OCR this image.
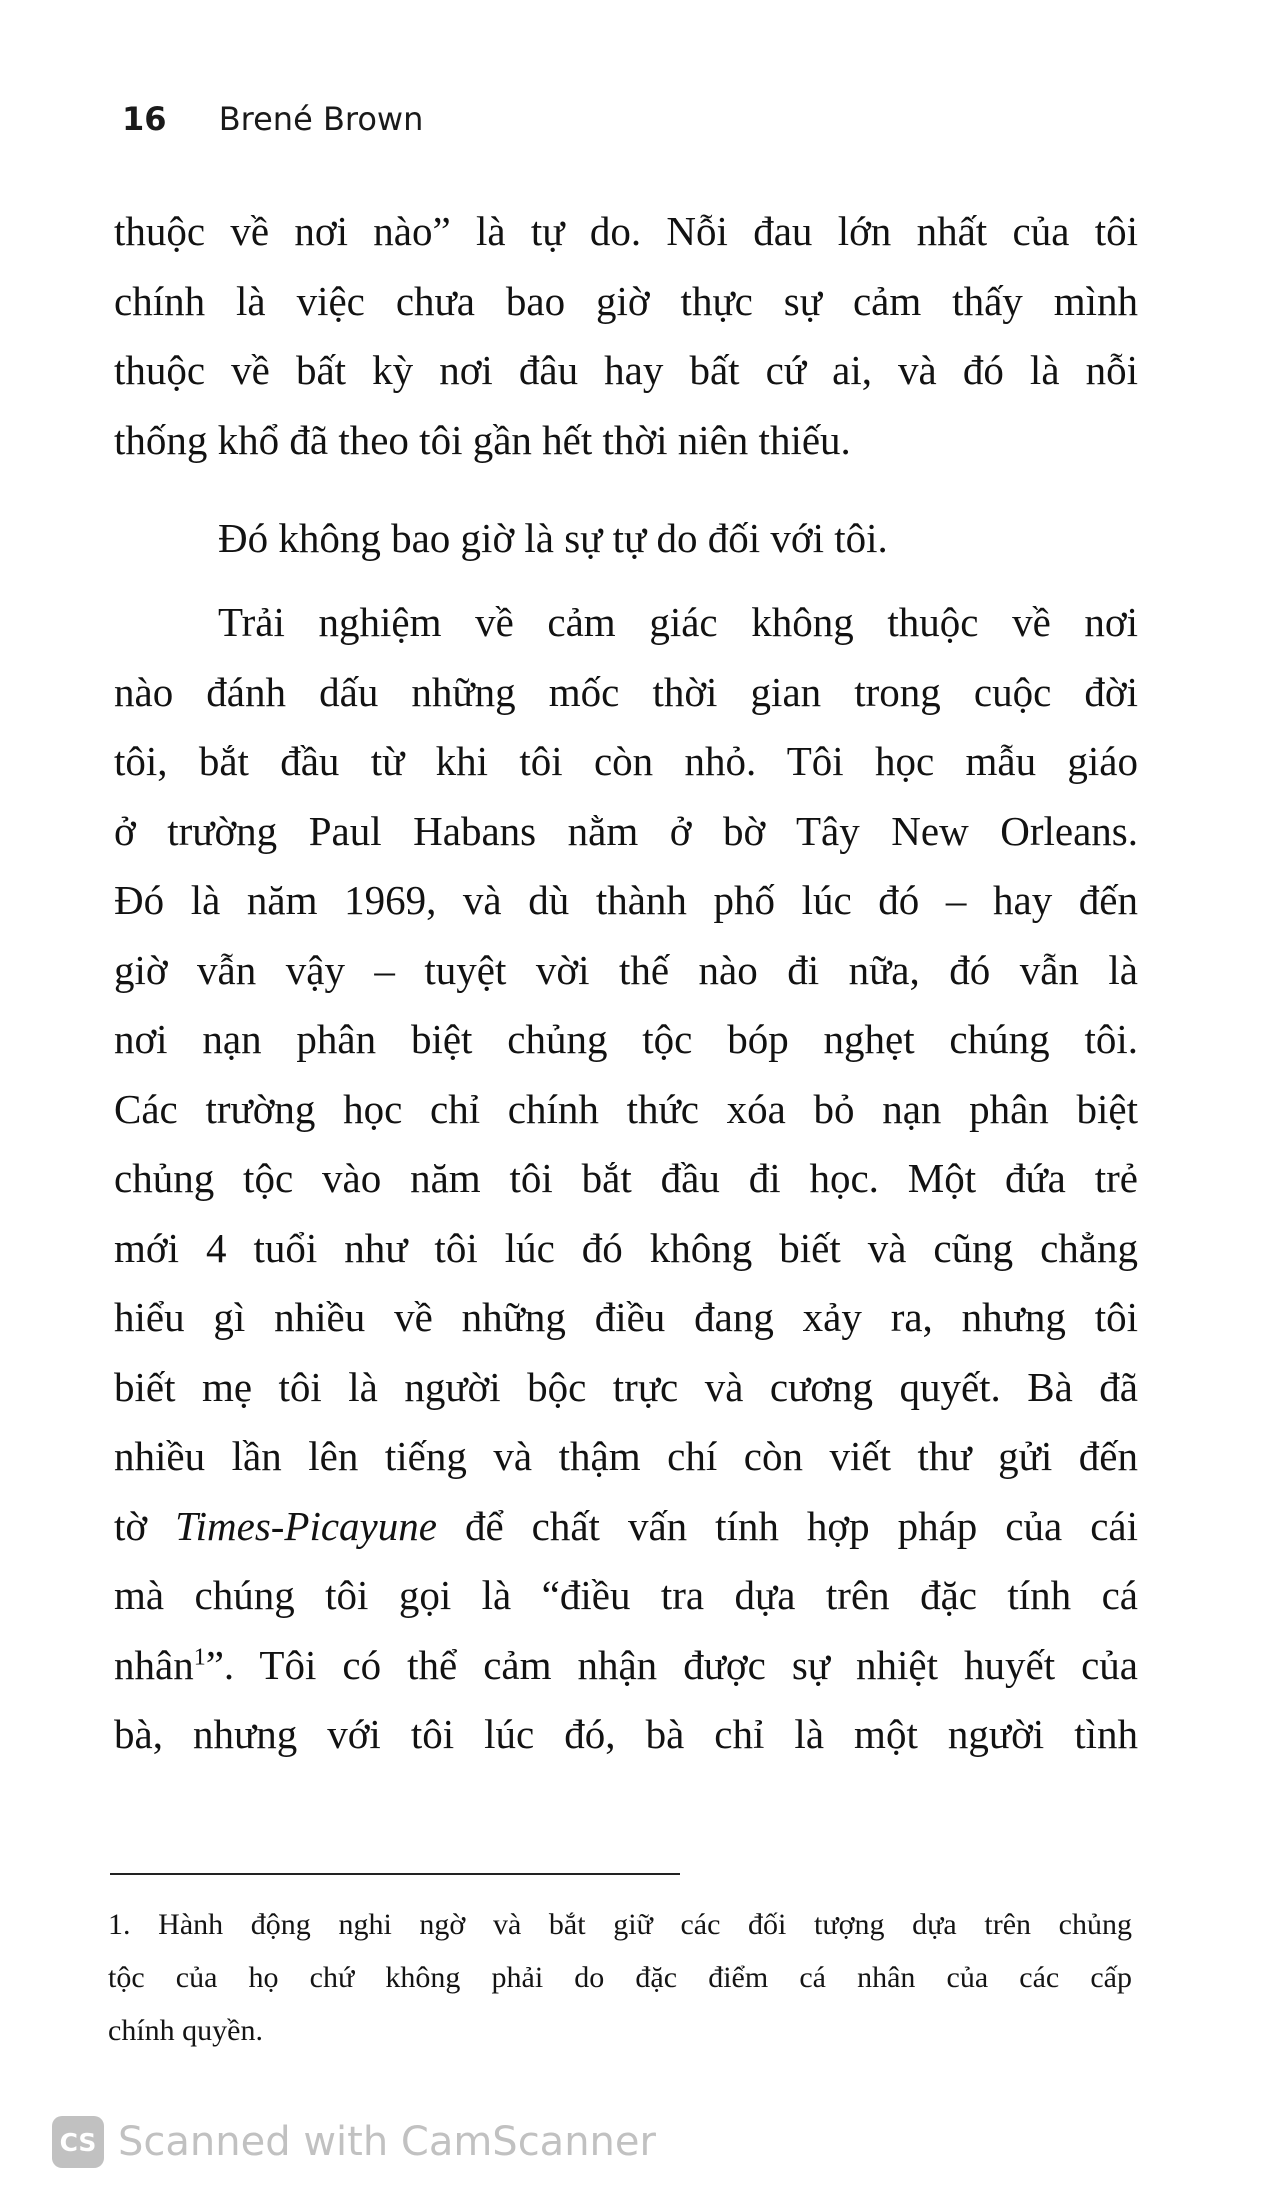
16 Brené Brown
thuộc về nơi nào” là tự do. Nỗi đau lớn nhất của tôi
chính là việc chưa bao giờ thực sự cảm thấy mình
thuộc về bất kỳ nơi đâu hay bất cứ ai, và đó là nỗi
thống khổ đã theo tôi gần hết thời niên thiếu.
Đó không bao giờ là sự tự do đối với tôi.
Trải nghiệm về cảm giác không thuộc về nơi
nào đánh dấu những mốc thời gian trong cuộc đời
tôi, bắt đầu từ khi tôi còn nhỏ. Tôi học mẫu giáo
ở trường Paul Habans nằm ở bờ Tây New Orleans.
Đó là năm 1969, và dù thành phố lúc đó – hay đến
giờ vẫn vậy – tuyệt vời thế nào đi nữa, đó vẫn là
nơi nạn phân biệt chủng tộc bóp nghẹt chúng tôi.
Các trường học chỉ chính thức xóa bỏ nạn phân biệt
chủng tộc vào năm tôi bắt đầu đi học. Một đứa trẻ
mới 4 tuổi như tôi lúc đó không biết và cũng chẳng
hiểu gì nhiều về những điều đang xảy ra, nhưng tôi
biết mẹ tôi là người bộc trực và cương quyết. Bà đã
nhiều lần lên tiếng và thậm chí còn viết thư gửi đến
tờ Times-Picayune để chất vấn tính hợp pháp của cái
mà chúng tôi gọi là “điều tra dựa trên đặc tính cá
nhân$^1$”. Tôi có thể cảm nhận được sự nhiệt huyết của
bà, nhưng với tôi lúc đó, bà chỉ là một người tình
1. Hành động nghi ngờ và bắt giữ các đối tượng dựa trên chủng
tộc của họ chứ không phải do đặc điểm cá nhân của các cấp
chính quyền.
CS Scanned with CamScanner
